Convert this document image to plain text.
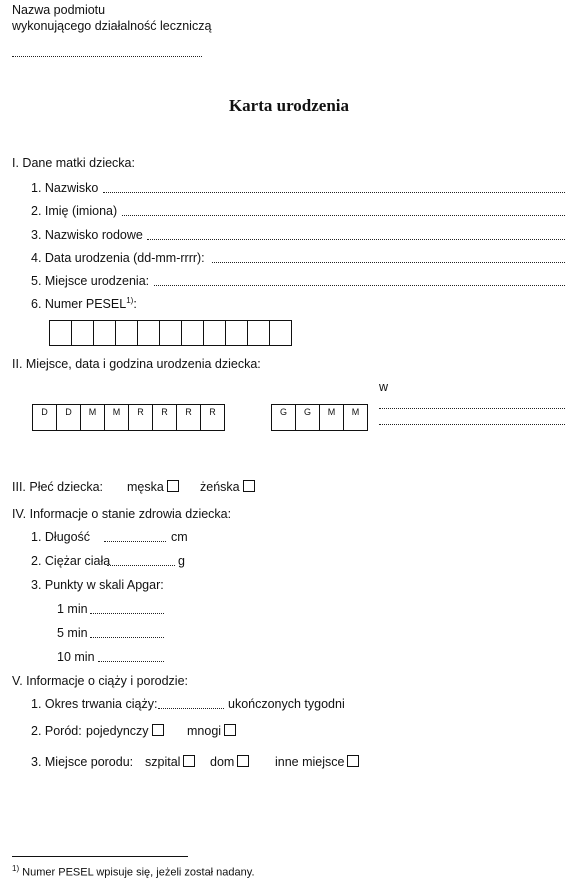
Nazwa podmiotu
wykonującego działalność leczniczą
Karta urodzenia
I. Dane matki dziecka:
1. Nazwisko
2. Imię (imiona)
3. Nazwisko rodowe
4. Data urodzenia (dd-mm-rrrr):
5. Miejsce urodzenia:
6. Numer PESEL$^{1)}$:
II. Miejsce, data i godzina urodzenia dziecka:
D	D	M	M	R	R	R	R	G	G	M	M
w
III. Płeć dziecka: męska	żeńska
IV. Informacje o stanie zdrowia dziecka:
1. Długość	cm
2. Ciężar ciała	g
3. Punkty w skali Apgar:
1 min
5 min
10 min
V. Informacje o ciąży i porodzie:
1. Okres trwania ciąży:	ukończonych tygodni
2. Poród: pojedynczy	mnogi
3. Miejsce porodu: szpital	dom	inne miejsce
$^{1)}$ Numer PESEL wpisuje się, jeżeli został nadany.
